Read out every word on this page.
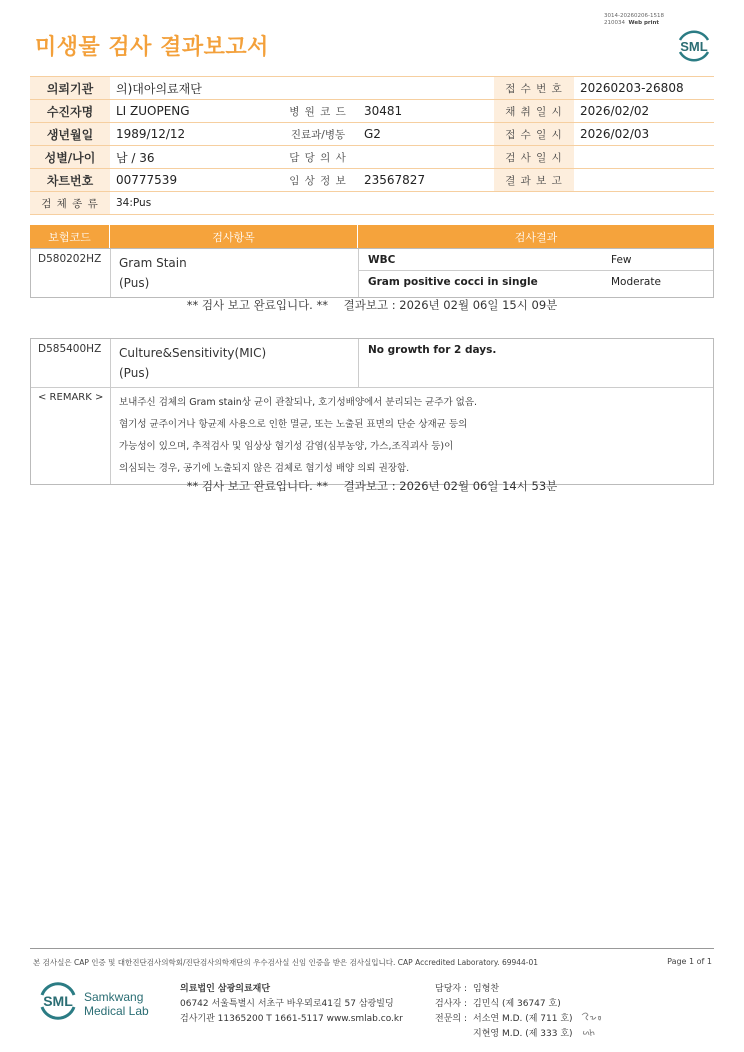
미생물 검사 결과보고서
3014-20260206-1518
210034 Web print
SML
의뢰기관	의)대아의료재단			접 수 번 호	20260203-26808
수진자명	LI ZUOPENG	병 원 코 드	30481	채 취 일 시	2026/02/02
생년월일	1989/12/12	진료과/병동	G2	접 수 일 시	2026/02/03
성별/나이	남 / 36	담 당 의 사		검 사 일 시	
차트번호	00777539	임 상 정 보	23567827	결 과 보 고	
검 체 종 류	34:Pus				
보험코드	검사항목	검사결과
D580202HZ	Gram Stain
(Pus)
WBC	Few
Gram positive cocci in single	Moderate
** 검사 보고 완료입니다. ** 결과보고 : 2026년 02월 06일 15시 09분
D585400HZ	Culture&Sensitivity(MIC)
(Pus)
No growth for 2 days.
< REMARK >	보내주신 검체의 Gram stain상 균이 관찰되나, 호기성배양에서 분리되는 균주가 없음.
혐기성 균주이거나 항균제 사용으로 인한 멸균, 또는 노출된 표면의 단순 상재균 등의
가능성이 있으며, 추적검사 및 임상상 혐기성 감염(심부농양, 가스,조직괴사 등)이
의심되는 경우, 공기에 노출되지 않은 검체로 혐기성 배양 의뢰 권장함.
** 검사 보고 완료입니다. ** 결과보고 : 2026년 02월 06일 14시 53분
본 검사실은 CAP 인증 및 대한진단검사의학회/진단검사의학재단의 우수검사실 신임 인증을 받은 검사실입니다. CAP Accredited Laboratory. 69944-01	Page 1 of 1
SML Samkwang
Medical Lab
의료법인 삼광의료재단
06742 서울특별시 서초구 바우뫼로41길 57 삼광빌딩
검사기관 11365200 T 1661-5117 www.smlab.co.kr
담당자 : 임형찬
검사자 : 김민식 (제 36747 호)
전문의 : 서소연 M.D. (제 711 호)
지현영 M.D. (제 333 호)
